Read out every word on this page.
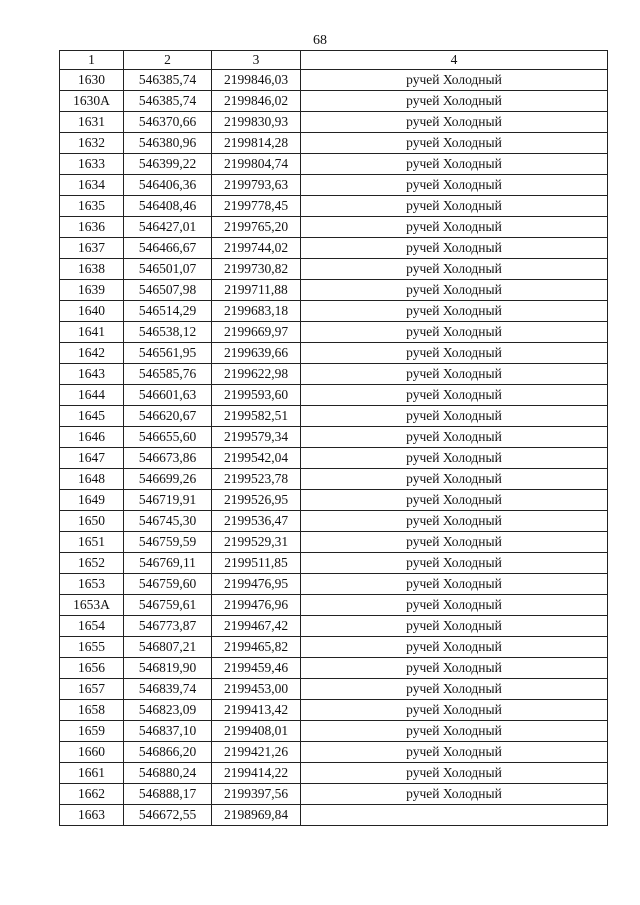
68
1	2	3	4
1630	546385,74	2199846,03	ручей Холодный
1630А	546385,74	2199846,02	ручей Холодный
1631	546370,66	2199830,93	ручей Холодный
1632	546380,96	2199814,28	ручей Холодный
1633	546399,22	2199804,74	ручей Холодный
1634	546406,36	2199793,63	ручей Холодный
1635	546408,46	2199778,45	ручей Холодный
1636	546427,01	2199765,20	ручей Холодный
1637	546466,67	2199744,02	ручей Холодный
1638	546501,07	2199730,82	ручей Холодный
1639	546507,98	2199711,88	ручей Холодный
1640	546514,29	2199683,18	ручей Холодный
1641	546538,12	2199669,97	ручей Холодный
1642	546561,95	2199639,66	ручей Холодный
1643	546585,76	2199622,98	ручей Холодный
1644	546601,63	2199593,60	ручей Холодный
1645	546620,67	2199582,51	ручей Холодный
1646	546655,60	2199579,34	ручей Холодный
1647	546673,86	2199542,04	ручей Холодный
1648	546699,26	2199523,78	ручей Холодный
1649	546719,91	2199526,95	ручей Холодный
1650	546745,30	2199536,47	ручей Холодный
1651	546759,59	2199529,31	ручей Холодный
1652	546769,11	2199511,85	ручей Холодный
1653	546759,60	2199476,95	ручей Холодный
1653А	546759,61	2199476,96	ручей Холодный
1654	546773,87	2199467,42	ручей Холодный
1655	546807,21	2199465,82	ручей Холодный
1656	546819,90	2199459,46	ручей Холодный
1657	546839,74	2199453,00	ручей Холодный
1658	546823,09	2199413,42	ручей Холодный
1659	546837,10	2199408,01	ручей Холодный
1660	546866,20	2199421,26	ручей Холодный
1661	546880,24	2199414,22	ручей Холодный
1662	546888,17	2199397,56	ручей Холодный
1663	546672,55	2198969,84	
